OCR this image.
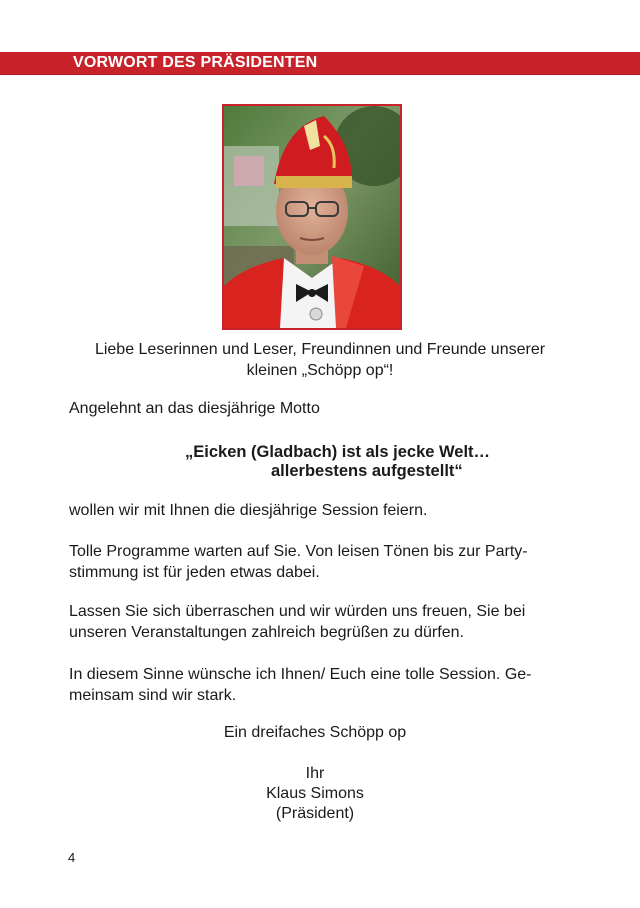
VORWORT DES PRÄSIDENTEN
Liebe Leserinnen und Leser, Freundinnen und Freunde unserer
kleinen „Schöpp op“!
Angelehnt an das diesjährige Motto
„Eicken (Gladbach) ist als jecke Welt…
allerbestens aufgestellt“
wollen wir mit Ihnen die diesjährige Session feiern.
Tolle Programme warten auf Sie. Von leisen Tönen bis zur Party-
stimmung ist für jeden etwas dabei.
Lassen Sie sich überraschen und wir würden uns freuen, Sie bei
unseren Veranstaltungen zahlreich begrüßen zu dürfen.
In diesem Sinne wünsche ich Ihnen/ Euch eine tolle Session. Ge-
meinsam sind wir stark.
Ein dreifaches Schöpp op
Ihr
Klaus Simons
(Präsident)
4
